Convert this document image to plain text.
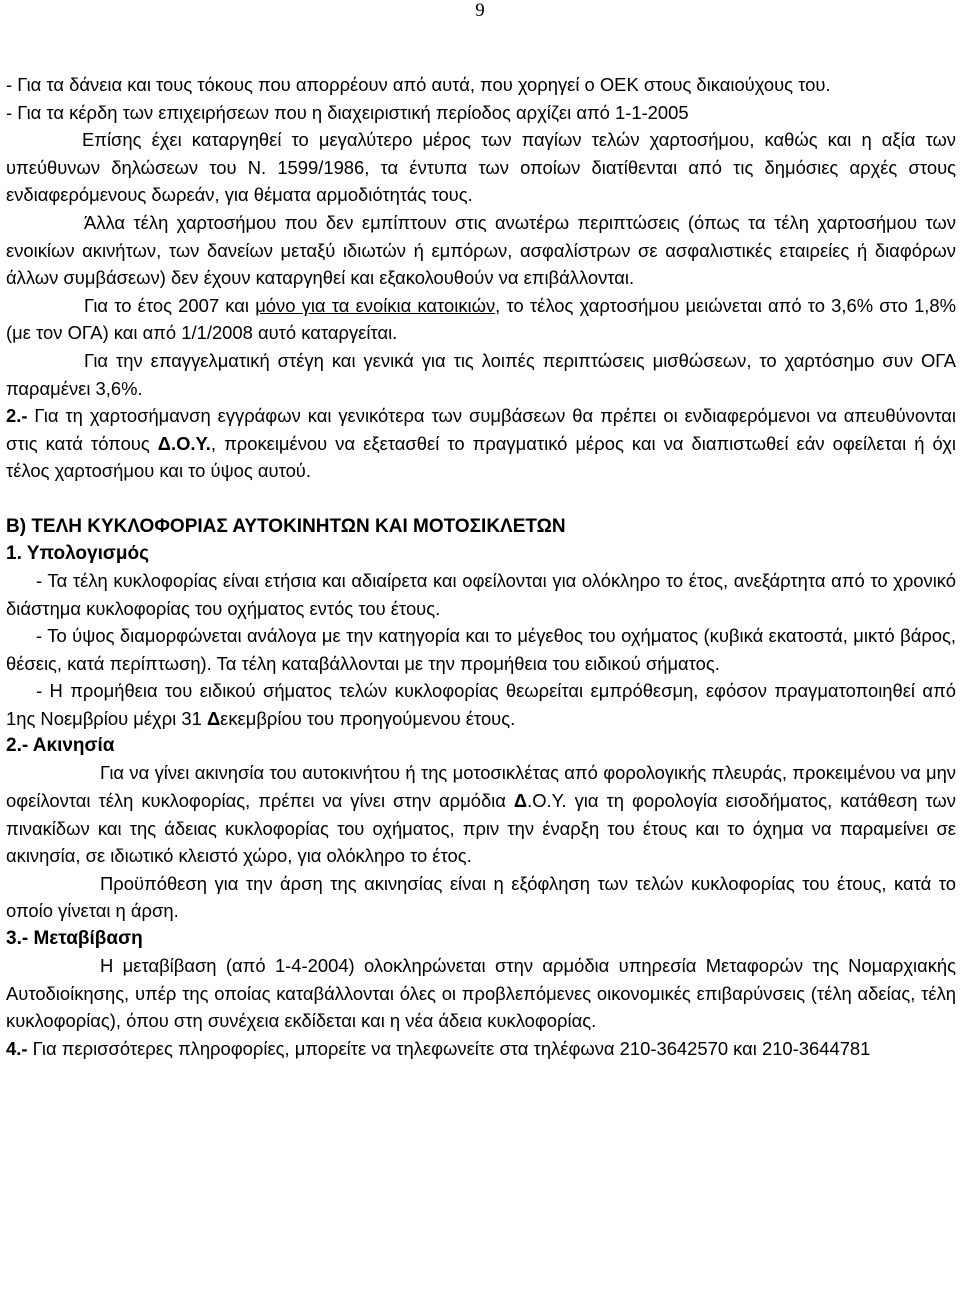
9

- Για τα δάνεια και τους τόκους που απορρέουν από αυτά, που χορηγεί ο ΟΕΚ στους δικαιούχους του.

- Για τα κέρδη των επιχειρήσεων που η διαχειριστική περίοδος αρχίζει από 1-1-2005

Επίσης έχει καταργηθεί το μεγαλύτερο μέρος των παγίων τελών χαρτοσήμου, καθώς και η αξία των υπεύθυνων δηλώσεων του Ν. 1599/1986, τα έντυπα των οποίων διατίθενται από τις δημόσιες αρχές στους ενδιαφερόμενους δωρεάν, για θέματα αρμοδιότητάς τους.

Άλλα τέλη χαρτοσήμου που δεν εμπίπτουν στις ανωτέρω περιπτώσεις (όπως τα τέλη χαρτοσήμου των ενοικίων ακινήτων, των δανείων μεταξύ ιδιωτών ή εμπόρων, ασφαλίστρων σε ασφαλιστικές εταιρείες ή διαφόρων άλλων συμβάσεων) δεν έχουν καταργηθεί και εξακολουθούν να επιβάλλονται.

Για το έτος 2007 και μόνο για τα ενοίκια κατοικιών, το τέλος χαρτοσήμου μειώνεται από το 3,6% στο 1,8% (με τον ΟΓΑ) και από 1/1/2008 αυτό καταργείται.

Για την επαγγελματική στέγη και γενικά για τις λοιπές περιπτώσεις μισθώσεων, το χαρτόσημο συν ΟΓΑ παραμένει 3,6%.

2.- Για τη χαρτοσήμανση εγγράφων και γενικότερα των συμβάσεων θα πρέπει οι ενδιαφερόμενοι να απευθύνονται στις κατά τόπους Δ.Ο.Υ., προκειμένου να εξετασθεί το πραγματικό μέρος και να διαπιστωθεί εάν οφείλεται ή όχι τέλος χαρτοσήμου και το ύψος αυτού.

Β) ΤΕΛΗ ΚΥΚΛΟΦΟΡΙΑΣ ΑΥΤΟΚΙΝΗΤΩΝ ΚΑΙ ΜΟΤΟΣΙΚΛΕΤΩΝ

1. Υπολογισμός

- Τα τέλη κυκλοφορίας είναι ετήσια και αδιαίρετα και οφείλονται για ολόκληρο το έτος, ανεξάρτητα από το χρονικό διάστημα κυκλοφορίας του οχήματος εντός του έτους.

- Το ύψος διαμορφώνεται ανάλογα με την κατηγορία και το μέγεθος του οχήματος (κυβικά εκατοστά, μικτό βάρος, θέσεις, κατά περίπτωση). Τα τέλη καταβάλλονται με την προμήθεια του ειδικού σήματος.

- Η προμήθεια του ειδικού σήματος τελών κυκλοφορίας θεωρείται εμπρόθεσμη, εφόσον πραγματοποιηθεί από 1ης Νοεμβρίου μέχρι 31 Δεκεμβρίου του προηγούμενου έτους.

2.- Ακινησία

Για να γίνει ακινησία του αυτοκινήτου ή της μοτοσικλέτας από φορολογικής πλευράς, προκειμένου να μην οφείλονται τέλη κυκλοφορίας, πρέπει να γίνει στην αρμόδια Δ.Ο.Υ. για τη φορολογία εισοδήματος, κατάθεση των πινακίδων και της άδειας κυκλοφορίας του οχήματος, πριν την έναρξη του έτους και το όχημα να παραμείνει σε ακινησία, σε ιδιωτικό κλειστό χώρο, για ολόκληρο το έτος.

Προϋπόθεση για την άρση της ακινησίας είναι η εξόφληση των τελών κυκλοφορίας του έτους, κατά το οποίο γίνεται η άρση.

3.- Μεταβίβαση

Η μεταβίβαση (από 1-4-2004) ολοκληρώνεται στην αρμόδια υπηρεσία Μεταφορών της Νομαρχιακής Αυτοδιοίκησης, υπέρ της οποίας καταβάλλονται όλες οι προβλεπόμενες οικονομικές επιβαρύνσεις (τέλη αδείας, τέλη κυκλοφορίας), όπου στη συνέχεια εκδίδεται και η νέα άδεια κυκλοφορίας.

4.- Για περισσότερες πληροφορίες, μπορείτε να τηλεφωνείτε στα τηλέφωνα 210-3642570 και 210-3644781
